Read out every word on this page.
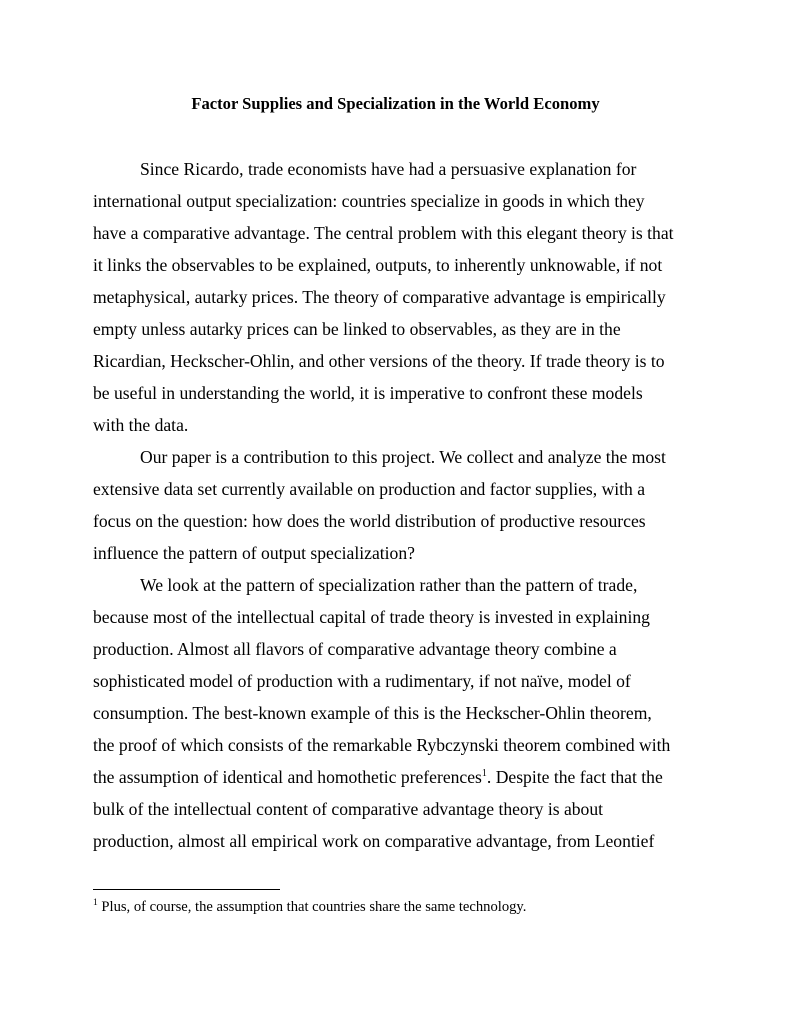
Factor Supplies and Specialization in the World Economy
Since Ricardo, trade economists have had a persuasive explanation for
international output specialization: countries specialize in goods in which they
have a comparative advantage. The central problem with this elegant theory is that
it links the observables to be explained, outputs, to inherently unknowable, if not
metaphysical, autarky prices. The theory of comparative advantage is empirically
empty unless autarky prices can be linked to observables, as they are in the
Ricardian, Heckscher-Ohlin, and other versions of the theory. If trade theory is to
be useful in understanding the world, it is imperative to confront these models
with the data.
Our paper is a contribution to this project. We collect and analyze the most
extensive data set currently available on production and factor supplies, with a
focus on the question: how does the world distribution of productive resources
influence the pattern of output specialization?
We look at the pattern of specialization rather than the pattern of trade,
because most of the intellectual capital of trade theory is invested in explaining
production. Almost all flavors of comparative advantage theory combine a
sophisticated model of production with a rudimentary, if not naïve, model of
consumption. The best-known example of this is the Heckscher-Ohlin theorem,
the proof of which consists of the remarkable Rybczynski theorem combined with
the assumption of identical and homothetic preferences$^1$. Despite the fact that the
bulk of the intellectual content of comparative advantage theory is about
production, almost all empirical work on comparative advantage, from Leontief
$^1$ Plus, of course, the assumption that countries share the same technology.
